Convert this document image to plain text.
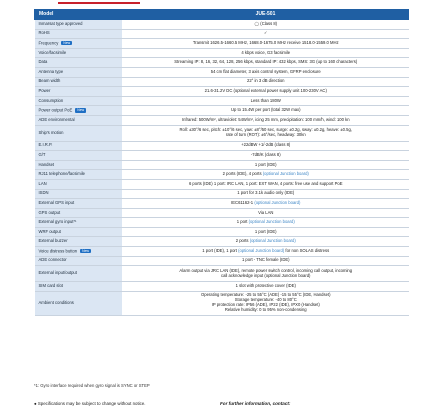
Model	JUE-501
Inmarsat type approved	◯ (Class 8)
RoHS	✓
Frequency New	Transmit 1626.5-1660.5 MHz, 1668.0-1675.0 MHz receive 1518.0-1559.0 MHz
Voice/facsimile	4 kbps voice, G3 facsimile
Data	Streaming IP: 8, 16, 32, 64, 128, 256 kbps, standard IP: 432 kbps, SMS: 3G (up to 160 characters)
Antenna type	54 cm flat diameter, 3 axis control system, GFRP enclosure
Beam width	22° in 3 dB direction
Power	21.6-31.2V DC (optional external power supply unit 100-230V AC)
Consumption	Less than 180W
Power output PoE New	Up to 15.4W per port (total 32W max)
ADE environmental	Infrared: 500W/m², ultraviolet: 54W/m², icing 25 mm, precipitation: 100 mm/h, wind: 100 kn
Ship's motion	Roll: ±30°/6 sec, pitch: ±10°/6 sec, yaw: ±8°/50 sec, surge: ±0.2g, sway: ±0.2g, heave: ±0.5g,
rate of turn (ROT): ±6°/sec, headway: 30kn

E.I.R.P.	+22dBW +1/-2dB (class 8)
G/T	-7dB/K (class 8)
Handset	1 port (IDE)
RJ11 telephone/facsimile	2 ports (IDE), 4 ports (optional Junction board)
LAN	6 ports (IDE) 1 port: IRC LAN, 1 port: EXT WAN, 4 ports: free use and support PoE
ISDN	1 port for 3.1k audio only (IDE)
External GPS input	IEC61162-1 (optional Junction board)
GPS output	Via LAN
External gyro input*¹	1 port (optional Junction board)
WRF output	1 port (IDE)
External buzzer	2 ports (optional Junction board)
Voice distress button New	1 port (IDE), 1 port (optional Junction board) for non SOLAS distress
ADE connector	1 port - TNC female (IDE)
External input/output	Alarm output via JRC LAN (IDE), remote power switch control, incoming call output, incoming
call acknowledge input (optional Junction board)

SIM card slot	1 slot with protective cover (IDE)
Ambient conditions	Operating temperature: -25 to 55°C (ADE) -15 to 55°C (IDE, Handset)
Storage temperature: -40 to 80°C
IP protection rate: IP56 (ADE), IP22 (IDE), IPX0 (Handset)
Relative humidity: 0 to 95% non-condensing
*1: Gyro interface required when gyro signal is SYNC or STEP
● Specifications may be subject to change without notice.	For further information, contact:
